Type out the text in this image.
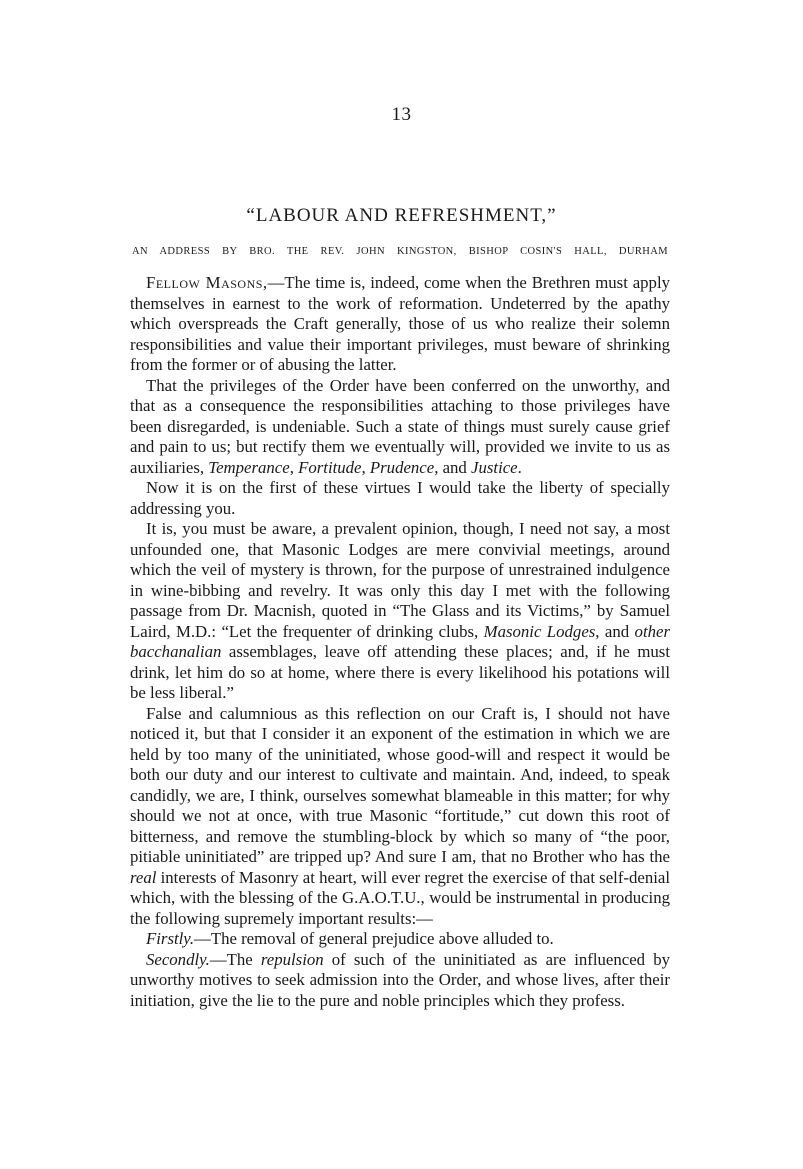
13
“LABOUR AND REFRESHMENT,”
AN ADDRESS BY BRO. THE REV. JOHN KINGSTON, BISHOP COSIN'S HALL, DURHAM

Fellow Masons,—The time is, indeed, come when the Brethren must apply themselves in earnest to the work of reformation. Undeterred by the apathy which overspreads the Craft generally, those of us who realize their solemn responsibilities and value their important privileges, must beware of shrinking from the former or of abusing the latter.

That the privileges of the Order have been conferred on the unworthy, and that as a consequence the responsibilities attaching to those privileges have been disregarded, is undeniable. Such a state of things must surely cause grief and pain to us; but rectify them we eventually will, provided we invite to us as auxiliaries, Temperance, Fortitude, Prudence, and Justice.

Now it is on the first of these virtues I would take the liberty of specially addressing you.

It is, you must be aware, a prevalent opinion, though, I need not say, a most unfounded one, that Masonic Lodges are mere convivial meetings, around which the veil of mystery is thrown, for the purpose of unrestrained indulgence in wine-bibbing and revelry. It was only this day I met with the following passage from Dr. Macnish, quoted in “The Glass and its Victims,” by Samuel Laird, M.D.: “Let the frequenter of drinking clubs, Masonic Lodges, and other bacchanalian assemblages, leave off attending these places; and, if he must drink, let him do so at home, where there is every likelihood his potations will be less liberal.”

False and calumnious as this reflection on our Craft is, I should not have noticed it, but that I consider it an exponent of the estimation in which we are held by too many of the uninitiated, whose good-will and respect it would be both our duty and our interest to cultivate and maintain. And, indeed, to speak candidly, we are, I think, ourselves somewhat blameable in this matter; for why should we not at once, with true Masonic “fortitude,” cut down this root of bitterness, and remove the stumbling-block by which so many of “the poor, pitiable uninitiated” are tripped up? And sure I am, that no Brother who has the real interests of Masonry at heart, will ever regret the exercise of that self-denial which, with the blessing of the G.A.O.T.U., would be instrumental in producing the following supremely important results:—

Firstly.—The removal of general prejudice above alluded to.

Secondly.—The repulsion of such of the uninitiated as are influenced by unworthy motives to seek admission into the Order, and whose lives, after their initiation, give the lie to the pure and noble principles which they profess.
